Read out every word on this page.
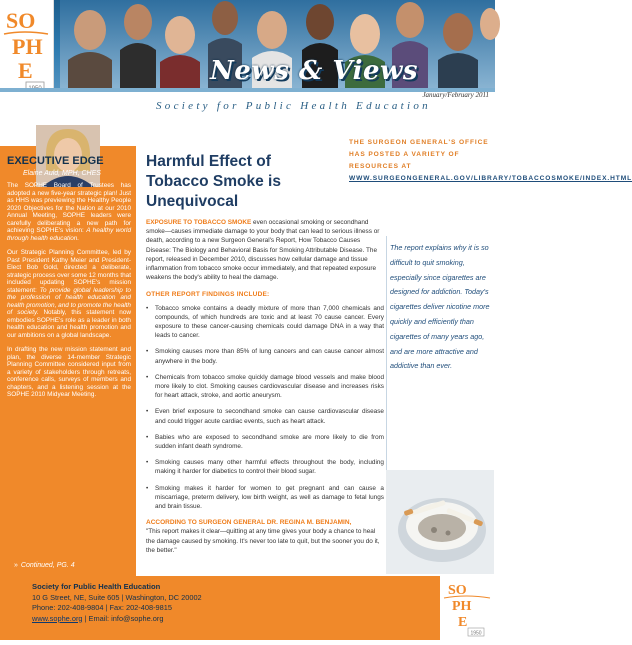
SO
PH
E	News & Views
January/February 2011
Society for Public Health Education
EXECUTIVE EDGE
Elaine Auld, MPH, CHES

The SOPHE Board of Trustees has adopted a new five-year strategic plan! Just as HHS was previewing the Healthy People 2020 Objectives for the Nation at our 2010 Annual Meeting, SOPHE leaders were carefully deliberating a new path for achieving SOPHE's vision: A healthy world through health education.

Our Strategic Planning Committee, led by Past President Kathy Meier and President-Elect Bob Gold, directed a deliberate, strategic process over some 12 months that included updating SOPHE's mission statement: To provide global leadership to the profession of health education and health promotion, and to promote the health of society. Notably, this statement now embodies SOPHE's role as a leader in both health education and health promotion and our ambitions on a global landscape.

In drafting the new mission statement and plan, the diverse 14-member Strategic Planning Committee considered input from a variety of stakeholders through retreats, conference calls, surveys of members and chapters, and a listening session at the SOPHE 2010 Midyear Meeting.

» Continued, PG. 4
Harmful Effect of Tobacco Smoke is Unequivocal
THE SURGEON GENERAL'S OFFICE HAS POSTED A VARIETY OF RESOURCES AT WWW.SURGEONGENERAL.GOV/LIBRARY/TOBACCOSMOKE/INDEX.HTML

EXPOSURE TO TOBACCO SMOKE even occasional smoking or secondhand smoke—causes immediate damage to your body that can lead to serious illness or death, according to a new Surgeon General's Report, How Tobacco Causes Disease: The Biology and Behavioral Basis for Smoking Attributable Disease. The report, released in December 2010, discusses how cellular damage and tissue inflammation from tobacco smoke occur immediately, and that repeated exposure weakens the body's ability to heal the damage.

OTHER REPORT FINDINGS INCLUDE:
• Tobacco smoke contains a deadly mixture of more than 7,000 chemicals and compounds, of which hundreds are toxic and at least 70 cause cancer. Every exposure to these cancer-causing chemicals could damage DNA in a way that leads to cancer.
• Smoking causes more than 85% of lung cancers and can cause cancer almost anywhere in the body.
• Chemicals from tobacco smoke quickly damage blood vessels and make blood more likely to clot. Smoking causes cardiovascular disease and increases risks for heart attack, stroke, and aortic aneurysm.
• Even brief exposure to secondhand smoke can cause cardiovascular disease and could trigger acute cardiac events, such as heart attack.
• Babies who are exposed to secondhand smoke are more likely to die from sudden infant death syndrome.
• Smoking causes many other harmful effects throughout the body, including making it harder for diabetics to control their blood sugar.
• Smoking makes it harder for women to get pregnant and can cause a miscarriage, preterm delivery, low birth weight, as well as damage to fetal lungs and brain tissue.
ACCORDING TO SURGEON GENERAL DR. REGINA M. BENJAMIN,

"This report makes it clear—quitting at any time gives your body a chance to heal the damage caused by smoking. It's never too late to quit, but the sooner you do it, the better."

The report explains why it is so difficult to quit smoking, especially since cigarettes are designed for addiction. Today's cigarettes deliver nicotine more quickly and efficiently than cigarettes of many years ago, and are more attractive and addictive than ever.
Society for Public Health Education
10 G Street, NE, Suite 605 | Washington, DC 20002
Phone: 202-408-9804 | Fax: 202-408-9815
www.sophe.org | Email: info@sophe.org
SO
PH
E
1950
